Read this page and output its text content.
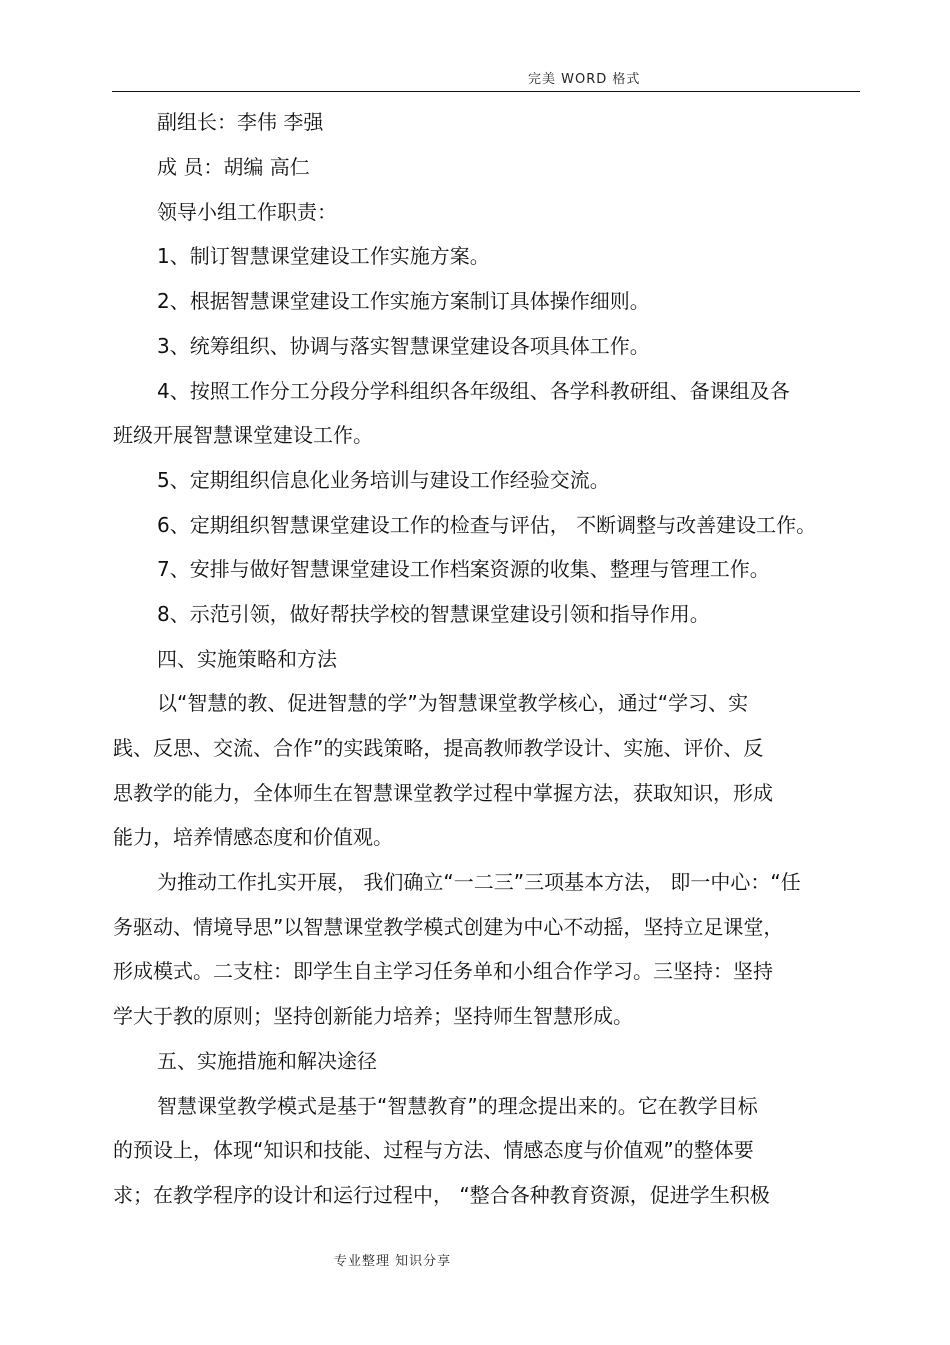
完美 WORD 格式
副组长：李伟 李强
成 员：胡编 高仁
领导小组工作职责：
1、制订智慧课堂建设工作实施方案。
2、根据智慧课堂建设工作实施方案制订具体操作细则。
3、统筹组织、协调与落实智慧课堂建设各项具体工作。
4、按照工作分工分段分学科组织各年级组、各学科教研组、备课组及各
班级开展智慧课堂建设工作。
5、定期组织信息化业务培训与建设工作经验交流。
6、定期组织智慧课堂建设工作的检查与评估， 不断调整与改善建设工作。
7、安排与做好智慧课堂建设工作档案资源的收集、整理与管理工作。
8、示范引领，做好帮扶学校的智慧课堂建设引领和指导作用。
四、实施策略和方法
以“智慧的教、促进智慧的学”为智慧课堂教学核心，通过“学习、实
践、反思、交流、合作”的实践策略，提高教师教学设计、实施、评价、反
思教学的能力，全体师生在智慧课堂教学过程中掌握方法，获取知识，形成
能力，培养情感态度和价值观。
为推动工作扎实开展， 我们确立“一二三”三项基本方法， 即一中心：“任
务驱动、情境导思”以智慧课堂教学模式创建为中心不动摇，坚持立足课堂，
形成模式。二支柱：即学生自主学习任务单和小组合作学习。三坚持：坚持
学大于教的原则；坚持创新能力培养；坚持师生智慧形成。
五、实施措施和解决途径
智慧课堂教学模式是基于“智慧教育”的理念提出来的。它在教学目标
的预设上，体现“知识和技能、过程与方法、情感态度与价值观”的整体要
求；在教学程序的设计和运行过程中， “整合各种教育资源，促进学生积极
专业整理 知识分享
